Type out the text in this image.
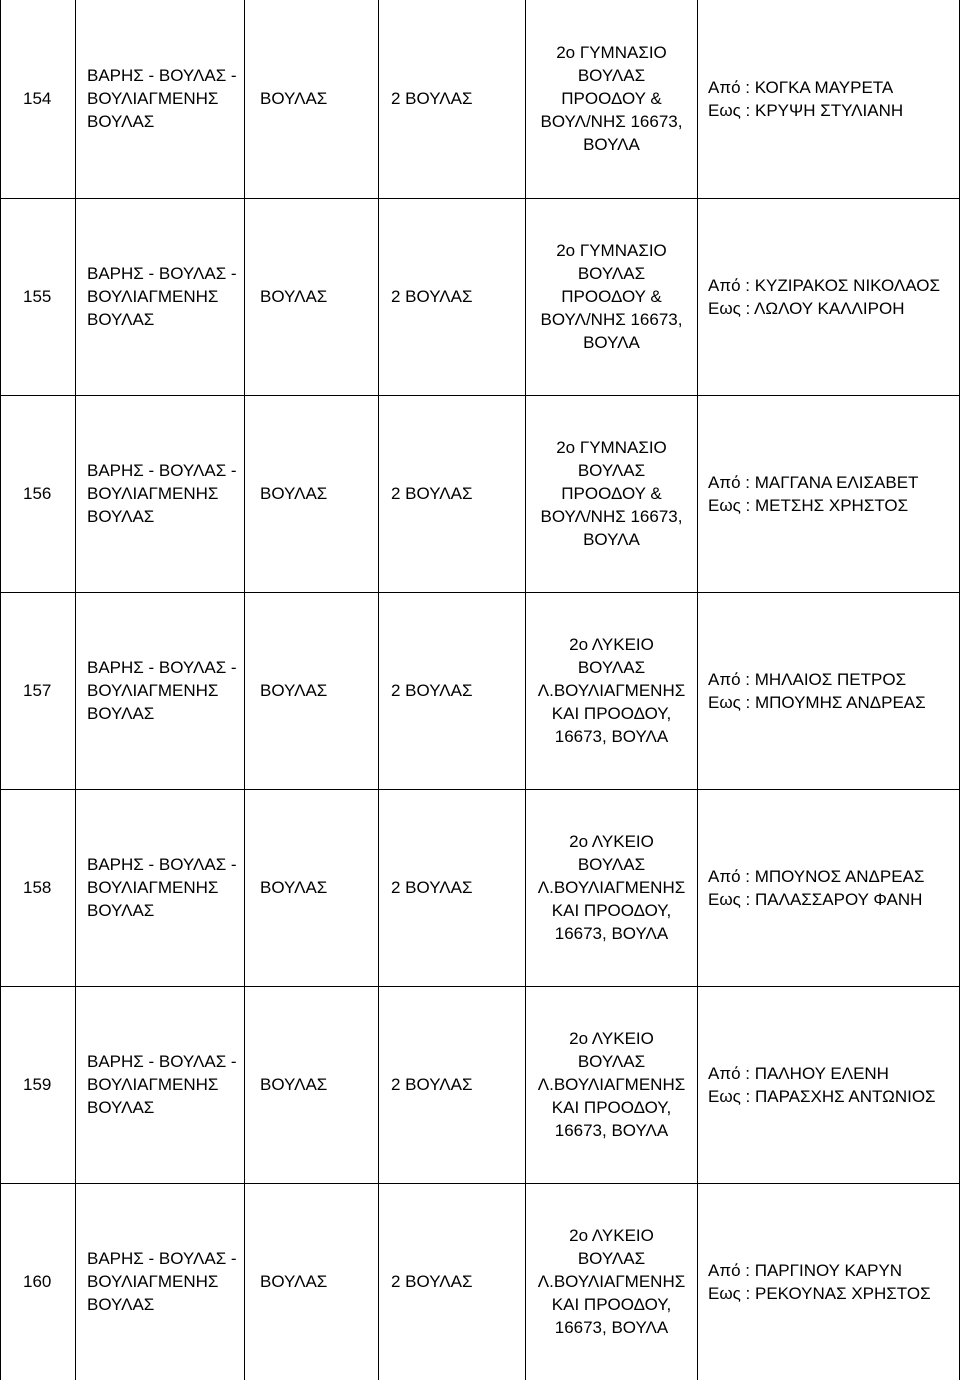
154	ΒΑΡΗΣ - ΒΟΥΛΑΣ -
ΒΟΥΛΙΑΓΜΕΝΗΣ
ΒΟΥΛΑΣ	ΒΟΥΛΑΣ	2 ΒΟΥΛΑΣ	2ο ΓΥΜΝΑΣΙΟ
ΒΟΥΛΑΣ
ΠΡΟΟΔΟΥ &
ΒΟΥΛ/ΝΗΣ 16673,
ΒΟΥΛΑ	Από : ΚΟΓΚΑ ΜΑΥΡΕΤΑ
Εως : ΚΡΥΨΗ ΣΤΥΛΙΑΝΗ

155	ΒΑΡΗΣ - ΒΟΥΛΑΣ -
ΒΟΥΛΙΑΓΜΕΝΗΣ
ΒΟΥΛΑΣ	ΒΟΥΛΑΣ	2 ΒΟΥΛΑΣ	2ο ΓΥΜΝΑΣΙΟ
ΒΟΥΛΑΣ
ΠΡΟΟΔΟΥ &
ΒΟΥΛ/ΝΗΣ 16673,
ΒΟΥΛΑ	Από : ΚΥΖΙΡΑΚΟΣ ΝΙΚΟΛΑΟΣ
Εως : ΛΩΛΟΥ ΚΑΛΛΙΡΟΗ

156	ΒΑΡΗΣ - ΒΟΥΛΑΣ -
ΒΟΥΛΙΑΓΜΕΝΗΣ
ΒΟΥΛΑΣ	ΒΟΥΛΑΣ	2 ΒΟΥΛΑΣ	2ο ΓΥΜΝΑΣΙΟ
ΒΟΥΛΑΣ
ΠΡΟΟΔΟΥ &
ΒΟΥΛ/ΝΗΣ 16673,
ΒΟΥΛΑ	Από : ΜΑΓΓΑΝΑ ΕΛΙΣΑΒΕΤ
Εως : ΜΕΤΣΗΣ ΧΡΗΣΤΟΣ

157	ΒΑΡΗΣ - ΒΟΥΛΑΣ -
ΒΟΥΛΙΑΓΜΕΝΗΣ
ΒΟΥΛΑΣ	ΒΟΥΛΑΣ	2 ΒΟΥΛΑΣ	2ο ΛΥΚΕΙΟ
ΒΟΥΛΑΣ
Λ.ΒΟΥΛΙΑΓΜΕΝΗΣ
ΚΑΙ ΠΡΟΟΔΟΥ,
16673, ΒΟΥΛΑ	Από : ΜΗΛΑΙΟΣ ΠΕΤΡΟΣ
Εως : ΜΠΟΥΜΗΣ ΑΝΔΡΕΑΣ

158	ΒΑΡΗΣ - ΒΟΥΛΑΣ -
ΒΟΥΛΙΑΓΜΕΝΗΣ
ΒΟΥΛΑΣ	ΒΟΥΛΑΣ	2 ΒΟΥΛΑΣ	2ο ΛΥΚΕΙΟ
ΒΟΥΛΑΣ
Λ.ΒΟΥΛΙΑΓΜΕΝΗΣ
ΚΑΙ ΠΡΟΟΔΟΥ,
16673, ΒΟΥΛΑ	Από : ΜΠΟΥΝΟΣ ΑΝΔΡΕΑΣ
Εως : ΠΑΛΑΣΣΑΡΟΥ ΦΑΝΗ

159	ΒΑΡΗΣ - ΒΟΥΛΑΣ -
ΒΟΥΛΙΑΓΜΕΝΗΣ
ΒΟΥΛΑΣ	ΒΟΥΛΑΣ	2 ΒΟΥΛΑΣ	2ο ΛΥΚΕΙΟ
ΒΟΥΛΑΣ
Λ.ΒΟΥΛΙΑΓΜΕΝΗΣ
ΚΑΙ ΠΡΟΟΔΟΥ,
16673, ΒΟΥΛΑ	Από : ΠΑΛΗΟΥ ΕΛΕΝΗ
Εως : ΠΑΡΑΣΧΗΣ ΑΝΤΩΝΙΟΣ

160	ΒΑΡΗΣ - ΒΟΥΛΑΣ -
ΒΟΥΛΙΑΓΜΕΝΗΣ
ΒΟΥΛΑΣ	ΒΟΥΛΑΣ	2 ΒΟΥΛΑΣ	2ο ΛΥΚΕΙΟ
ΒΟΥΛΑΣ
Λ.ΒΟΥΛΙΑΓΜΕΝΗΣ
ΚΑΙ ΠΡΟΟΔΟΥ,
16673, ΒΟΥΛΑ	Από : ΠΑΡΓΙΝΟΥ ΚΑΡΥΝ
Εως : ΡΕΚΟΥΝΑΣ ΧΡΗΣΤΟΣ
